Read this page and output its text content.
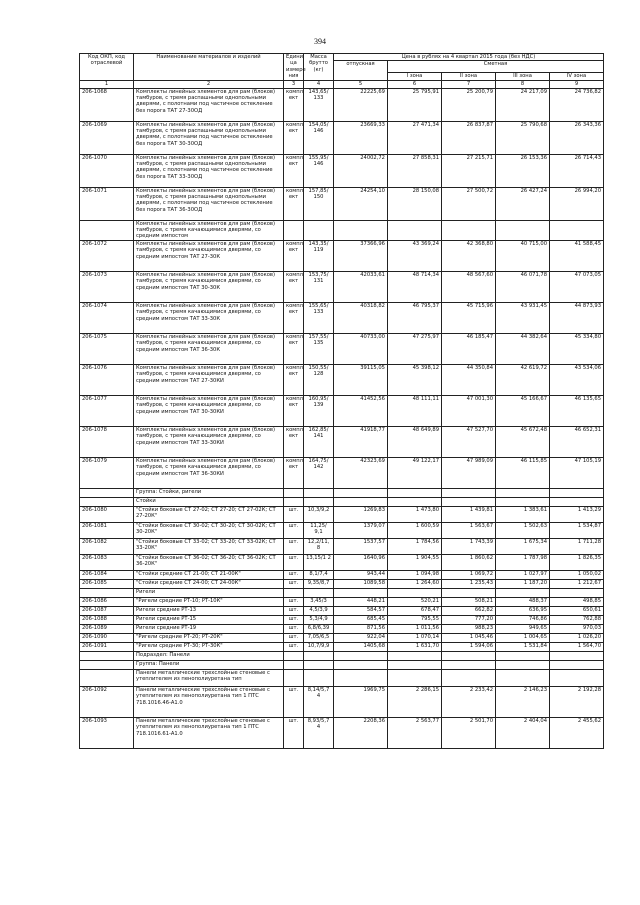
394
Код ОКП, код отраслевой	Наименование материалов и изделий	Едини ца измере ния	Масса брутто (кг)	Цена в рублях на 4 квартал 2015 года (без НДС)				
				отпускная	Сметная			
					I зона	II зона	III зона	IV зона
1	2	3	4	5	6	7	8	9
206-1068	Комплекты линейных элементов для рам (блоков) тамбуров, с тремя распашными однопольными дверями, с полотнами под частичное остекление без порога ТАТ 27-30ОД	компл ект	143,65/ 133	22225,69	25 795,91	25 200,79	24 217,09	24 736,82
206-1069	Комплекты линейных элементов для рам (блоков) тамбуров, с тремя распашными однопольными дверями, с полотнами под частичное остекление без порога ТАТ 30-30ОД	компл ект	154,05/ 146	23669,33	27 471,34	26 837,87	25 790,68	26 343,36
206-1070	Комплекты линейных элементов для рам (блоков) тамбуров, с тремя распашными однопольными дверями, с полотнами под частичное остекление без порога ТАТ 33-30ОД	компл ект	155,95/ 146	24002,72	27 858,31	27 215,71	26 153,36	26 714,43
206-1071	Комплекты линейных элементов для рам (блоков) тамбуров, с тремя распашными однопольными дверями, с полотнами под частичное остекление без порога ТАТ 36-30ОД	компл ект	157,85/ 150	24254,10	28 150,08	27 500,72	26 427,24	26 994,20
	Комплекты линейных элементов для рам (блоков) тамбуров, с тремя качающимися дверями, со средним импостом							
206-1072	Комплекты линейных элементов для рам (блоков) тамбуров, с тремя качающимися дверями, со средним импостом ТАТ 27-30К	компл ект	143,35/ 119	37366,96	43 369,24	42 368,80	40 715,00	41 588,45
206-1073	Комплекты линейных элементов для рам (блоков) тамбуров, с тремя качающимися дверями, со средним импостом ТАТ 30-30К	компл ект	153,75/ 131	42033,61	48 714,34	48 567,60	46 071,78	47 073,05
206-1074	Комплекты линейных элементов для рам (блоков) тамбуров, с тремя качающимися дверями, со средним импостом ТАТ 33-30К	компл ект	155,65/ 133	40318,82	46 795,37	45 715,96	43 931,45	44 873,93
206-1075	Комплекты линейных элементов для рам (блоков) тамбуров, с тремя качающимися дверями, со средним импостом ТАТ 36-30К	компл ект	157,55/ 135	40733,00	47 275,97	46 185,47	44 382,64	45 334,80
206-1076	Комплекты линейных элементов для рам (блоков) тамбуров, с тремя качающимися дверями, со средним импостом ТАТ 27-30КИ	компл ект	150,55/ 128	39115,05	45 398,12	44 350,84	42 619,72	43 534,06
206-1077	Комплекты линейных элементов для рам (блоков) тамбуров, с тремя качающимися дверями, со средним импостом ТАТ 30-30КИ	компл ект	160,95/ 139	41452,56	48 111,11	47 001,30	45 166,67	46 135,65
206-1078	Комплекты линейных элементов для рам (блоков) тамбуров, с тремя качающимися дверями, со средним импостом ТАТ 33-30КИ	компл ект	162,85/ 141	41918,77	48 649,89	47 527,70	45 672,48	46 652,31
206-1079	Комплекты линейных элементов для рам (блоков) тамбуров, с тремя качающимися дверями, со средним импостом ТАТ 36-30КИ	компл ект	164,75/ 142	42323,69	49 122,17	47 989,09	46 115,85	47 105,19
	Группа: Стойки, ригели							
	Стойки							
206-1080	"Стойки боковые СТ 27-02; СТ 27-20; СТ 27-02К; СТ 27-20К"	шт.	10,3/9,2	1269,83	1 473,80	1 439,81	1 383,61	1 413,29
206-1081	"Стойки боковые СТ 30-02; СТ 30-20; СТ 30-02К; СТ 30-20К"	шт.	11,25/ 9,1	1379,07	1 600,59	1 563,67	1 502,63	1 534,87
206-1082	"Стойки боковые СТ 33-02; СТ 33-20; СТ 33-02К; СТ 33-20К"	шт.	12,2/11, 8	1537,57	1 784,56	1 743,39	1 675,34	1 711,28
206-1083	"Стойки боковые СТ 36-02; СТ 36-20; СТ 36-02К; СТ 36-20К"	шт.	13,15/1 2	1640,96	1 904,55	1 860,62	1 787,98	1 826,35
206-1084	"Стойки средние СТ 21-00; СТ 21-00К"	шт.	8,1/7,4	943,44	1 094,98	1 069,72	1 027,97	1 050,02
206-1085	"Стойки средние СТ 24-00; СТ 24-00К"	шт.	9,35/8,7	1089,58	1 264,60	1 235,43	1 187,20	1 212,67
	Ригели							
206-1086	"Ригели средние РТ-10; РТ-10К"	шт.	3,45/3	448,21	520,21	508,21	488,37	498,85
206-1087	Ригели средние РТ-13	шт.	4,5/3,9	584,57	678,47	662,82	636,95	650,61
206-1088	Ригели средние РТ-15	шт.	5,3/4,9	685,45	795,55	777,20	746,86	762,88
206-1089	Ригели средние РТ-19	шт.	6,8/6,39	871,56	1 011,56	988,23	949,65	970,03
206-1090	"Ригели средние РТ-20; РТ-20К"	шт.	7,05/6,5	922,04	1 070,14	1 045,46	1 004,65	1 026,20
206-1091	"Ригели средние РТ-30; РТ-30К"	шт.	10,7/9,9	1405,68	1 631,70	1 594,06	1 531,84	1 564,70
	Подраздел: Панели							
	Группа: Панели							
	Панели металлические трехслойные стеновые с утеплителем из пенополиуретана тип							
206-1092	Панели металлические трехслойные стеновые с утеплителем из пенополиуретана тип 1 ПТС 718.1016.46-А1.0	шт.	8,14/5,7 4	1969,75	2 286,15	2 233,42	2 146,23	2 192,28
206-1093	Панели металлические трехслойные стеновые с утеплителем из пенополиуретана тип 1 ПТС 718.1016.61-А1.0	шт.	8,93/5,7 4	2208,36	2 563,77	2 501,70	2 404,04	2 455,62
